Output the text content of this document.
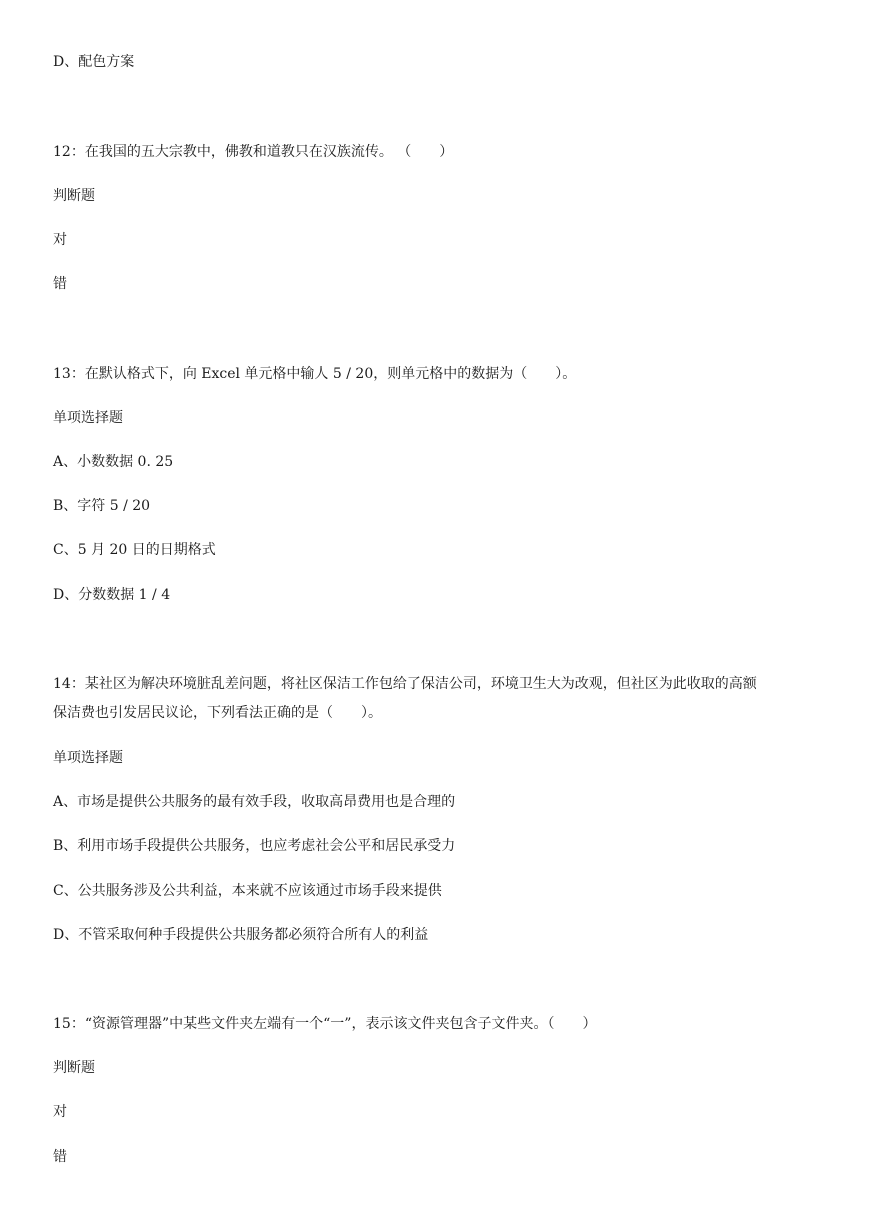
D、配色方案
12：在我国的五大宗教中，佛教和道教只在汉族流传。 （　　）
判断题
对
错
13：在默认格式下，向 Excel 单元格中输人 5 / 20，则单元格中的数据为（　　）。
单项选择题
A、小数数据 0. 25
B、字符 5 / 20
C、5 月 20 日的日期格式
D、分数数据 1 / 4
14：某社区为解决环境脏乱差问题，将社区保洁工作包给了保洁公司，环境卫生大为改观，但社区为此收取的高额
保洁费也引发居民议论，下列看法正确的是（　　）。
单项选择题
A、市场是提供公共服务的最有效手段，收取高昂费用也是合理的
B、利用市场手段提供公共服务，也应考虑社会公平和居民承受力
C、公共服务涉及公共利益，本来就不应该通过市场手段来提供
D、不管采取何种手段提供公共服务都必须符合所有人的利益
15：“资源管理器”中某些文件夹左端有一个“一”，表示该文件夹包含子文件夹。（　　）
判断题
对
错
